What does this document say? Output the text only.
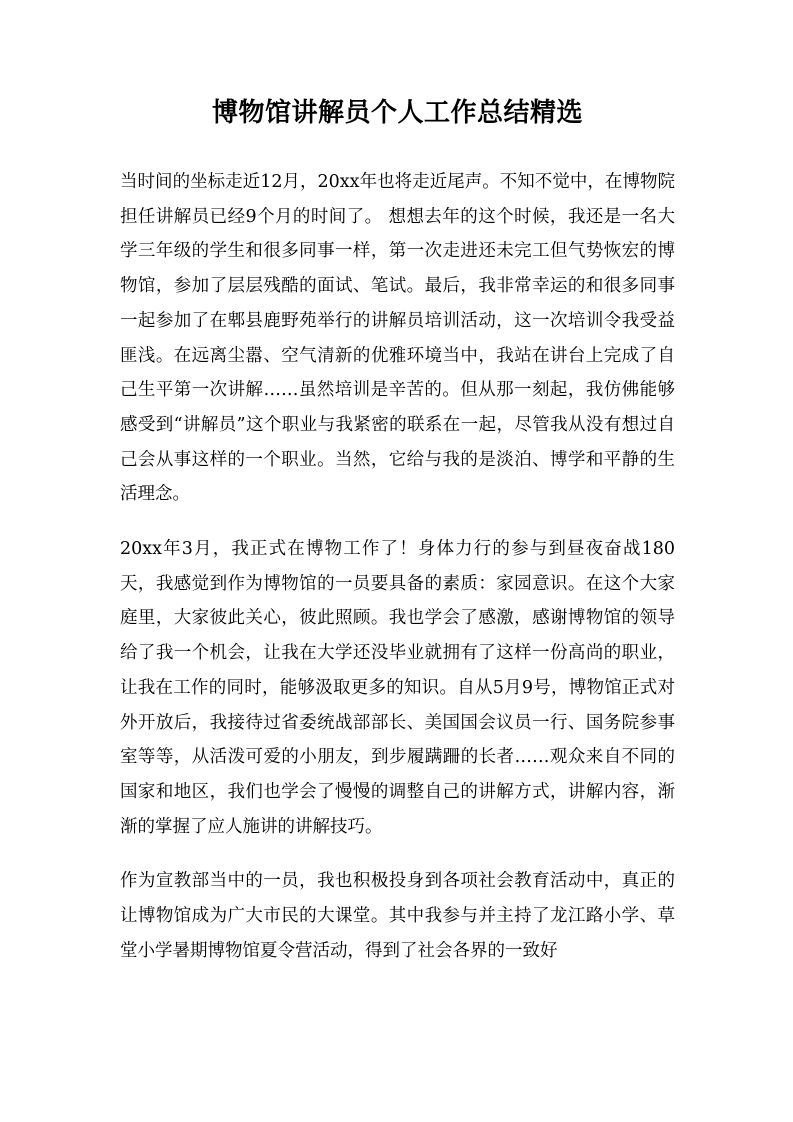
博物馆讲解员个人工作总结精选

当时间的坐标走近12月，20xx年也将走近尾声。不知不觉中，在博物院担任讲解员已经9个月的时间了。 想想去年的这个时候，我还是一名大学三年级的学生和很多同事一样，第一次走进还未完工但气势恢宏的博物馆，参加了层层残酷的面试、笔试。最后，我非常幸运的和很多同事一起参加了在郫县鹿野苑举行的讲解员培训活动，这一次培训令我受益匪浅。在远离尘嚣、空气清新的优雅环境当中，我站在讲台上完成了自己生平第一次讲解……虽然培训是辛苦的。但从那一刻起，我仿佛能够感受到“讲解员”这个职业与我紧密的联系在一起，尽管我从没有想过自己会从事这样的一个职业。当然，它给与我的是淡泊、博学和平静的生活理念。

20xx年3月，我正式在博物工作了！身体力行的参与到昼夜奋战180天，我感觉到作为博物馆的一员要具备的素质：家园意识。在这个大家庭里，大家彼此关心，彼此照顾。我也学会了感激，感谢博物馆的领导给了我一个机会，让我在大学还没毕业就拥有了这样一份高尚的职业，让我在工作的同时，能够汲取更多的知识。自从5月9号，博物馆正式对外开放后，我接待过省委统战部部长、美国国会议员一行、国务院参事室等等，从活泼可爱的小朋友，到步履蹒跚的长者……观众来自不同的国家和地区，我们也学会了慢慢的调整自己的讲解方式，讲解内容，渐渐的掌握了应人施讲的讲解技巧。

作为宣教部当中的一员，我也积极投身到各项社会教育活动中，真正的让博物馆成为广大市民的大课堂。其中我参与并主持了龙江路小学、草堂小学暑期博物馆夏令营活动，得到了社会各界的一致好
